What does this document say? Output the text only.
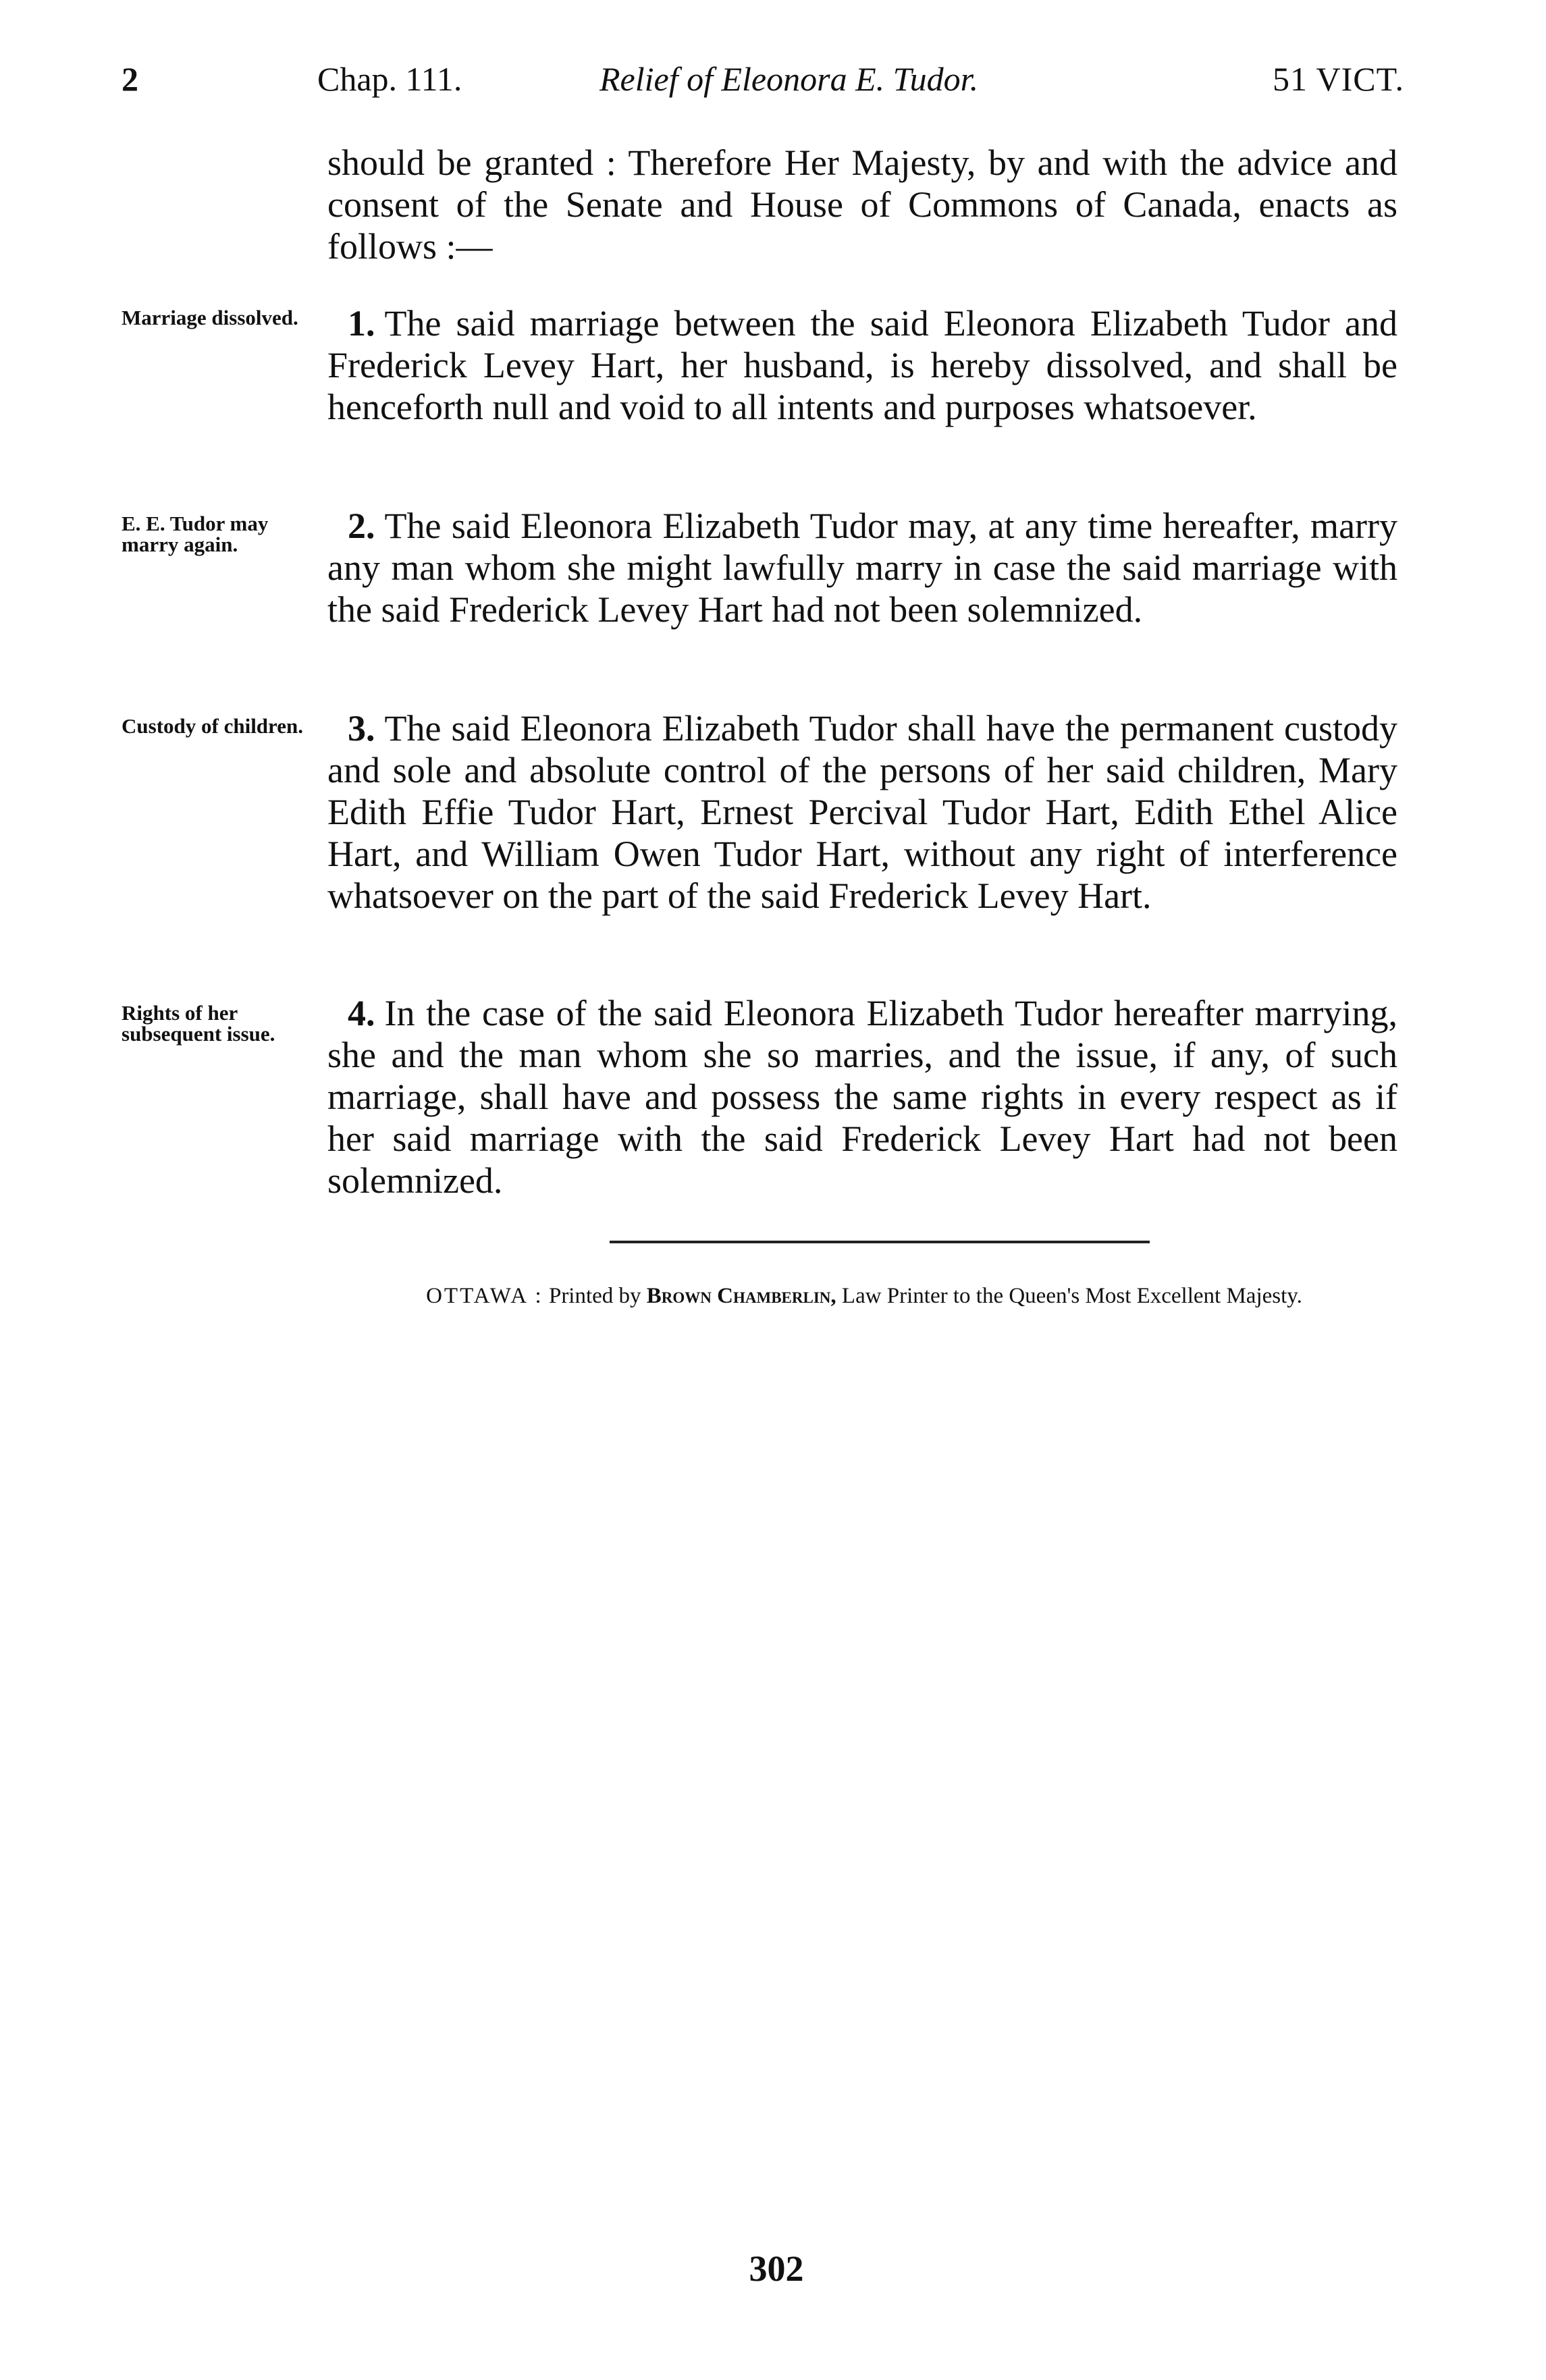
2	Chap. 111.	Relief of Eleonora E. Tudor.	51 VICT.
should be granted : Therefore Her Majesty, by and with the advice and consent of the Senate and House of Commons of Canada, enacts as follows :—
Marriage dissolved.	1. The said marriage between the said Eleonora Elizabeth Tudor and Frederick Levey Hart, her husband, is hereby dissolved, and shall be henceforth null and void to all intents and purposes whatsoever.
E. E. Tudor may marry again.	2. The said Eleonora Elizabeth Tudor may, at any time hereafter, marry any man whom she might lawfully marry in case the said marriage with the said Frederick Levey Hart had not been solemnized.
Custody of children.	3. The said Eleonora Elizabeth Tudor shall have the permanent custody and sole and absolute control of the persons of her said children, Mary Edith Effie Tudor Hart, Ernest Percival Tudor Hart, Edith Ethel Alice Hart, and William Owen Tudor Hart, without any right of interference whatsoever on the part of the said Frederick Levey Hart.
Rights of her subsequent issue.
4. In the case of the said Eleonora Elizabeth Tudor hereafter marrying, she and the man whom she so marries, and the issue, if any, of such marriage, shall have and possess the same rights in every respect as if her said marriage with the said Frederick Levey Hart had not been solemnized.
OTTAWA : Printed by Brown Chamberlin, Law Printer to the Queen's Most Excellent Majesty.
302
